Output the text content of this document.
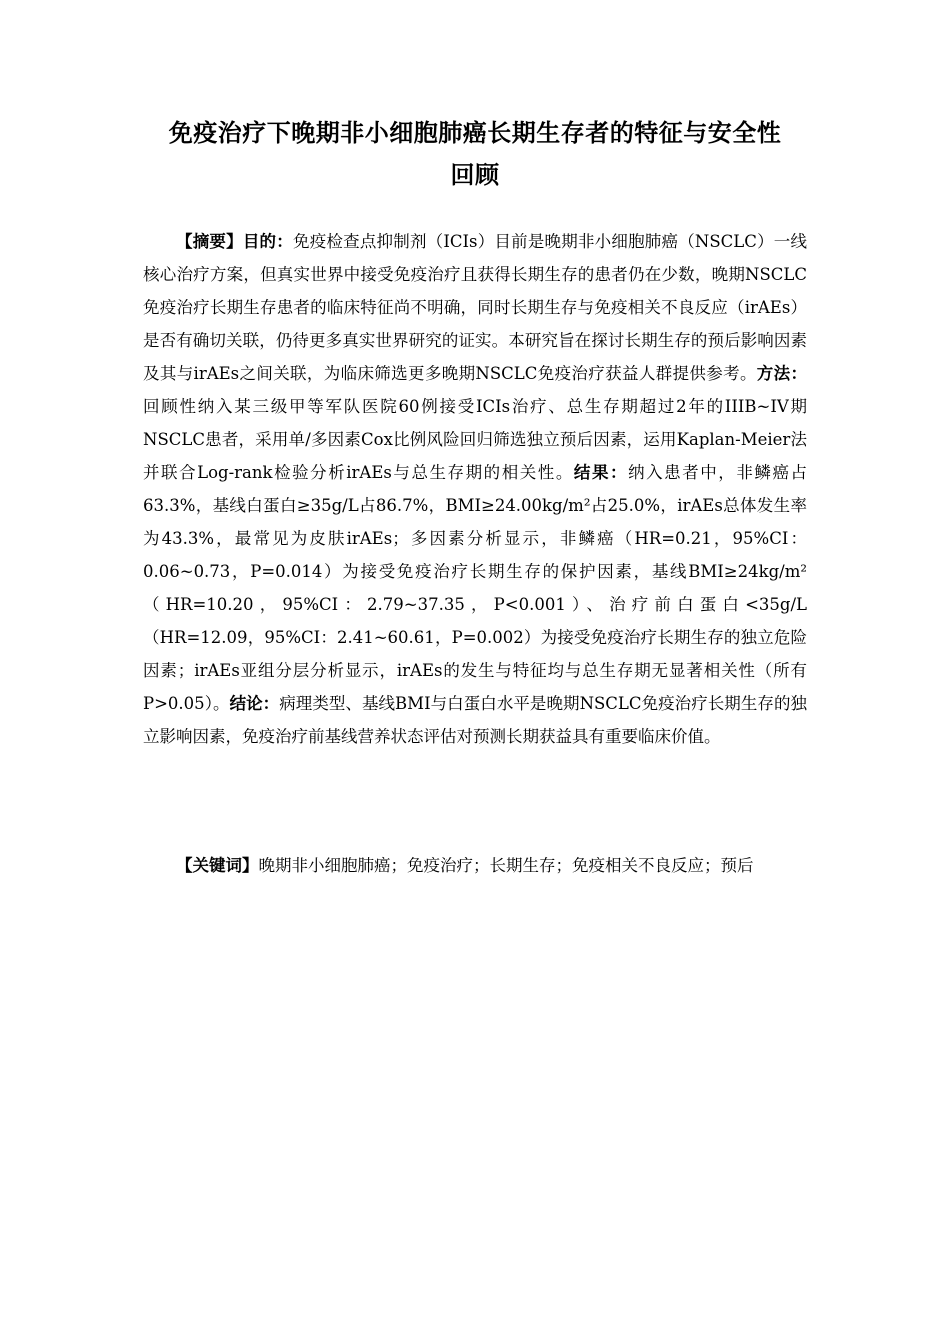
免疫治疗下晚期非小细胞肺癌长期生存者的特征与安全性
回顾

【摘要】目的：免疫检查点抑制剂（ICIs）目前是晚期非小细胞肺癌（NSCLC）一线核心治疗方案，但真实世界中接受免疫治疗且获得长期生存的患者仍在少数，晚期NSCLC免疫治疗长期生存患者的临床特征尚不明确，同时长期生存与免疫相关不良反应（irAEs）是否有确切关联，仍待更多真实世界研究的证实。本研究旨在探讨长期生存的预后影响因素及其与irAEs之间关联，为临床筛选更多晚期NSCLC免疫治疗获益人群提供参考。方法：回顾性纳入某三级甲等军队医院60例接受ICIs治疗、总生存期超过2年的IIIB~IV期NSCLC患者，采用单/多因素Cox比例风险回归筛选独立预后因素，运用Kaplan-Meier法并联合Log-rank检验分析irAEs与总生存期的相关性。结果：纳入患者中，非鳞癌占63.3%，基线白蛋白≥35g/L占86.7%，BMI≥24.00kg/m²占25.0%，irAEs总体发生率为43.3%，最常见为皮肤irAEs；多因素分析显示，非鳞癌（HR=0.21，95%CI：0.06~0.73，P=0.014）为接受免疫治疗长期生存的保护因素，基线BMI≥24kg/m²（HR=10.20，95%CI：2.79~37.35，P<0.001）、治疗前白蛋白<35g/L（HR=12.09，95%CI：2.41~60.61，P=0.002）为接受免疫治疗长期生存的独立危险因素；irAEs亚组分层分析显示，irAEs的发生与特征均与总生存期无显著相关性（所有P>0.05）。结论：病理类型、基线BMI与白蛋白水平是晚期NSCLC免疫治疗长期生存的独立影响因素，免疫治疗前基线营养状态评估对预测长期获益具有重要临床价值。

【关键词】晚期非小细胞肺癌；免疫治疗；长期生存；免疫相关不良反应；预后
